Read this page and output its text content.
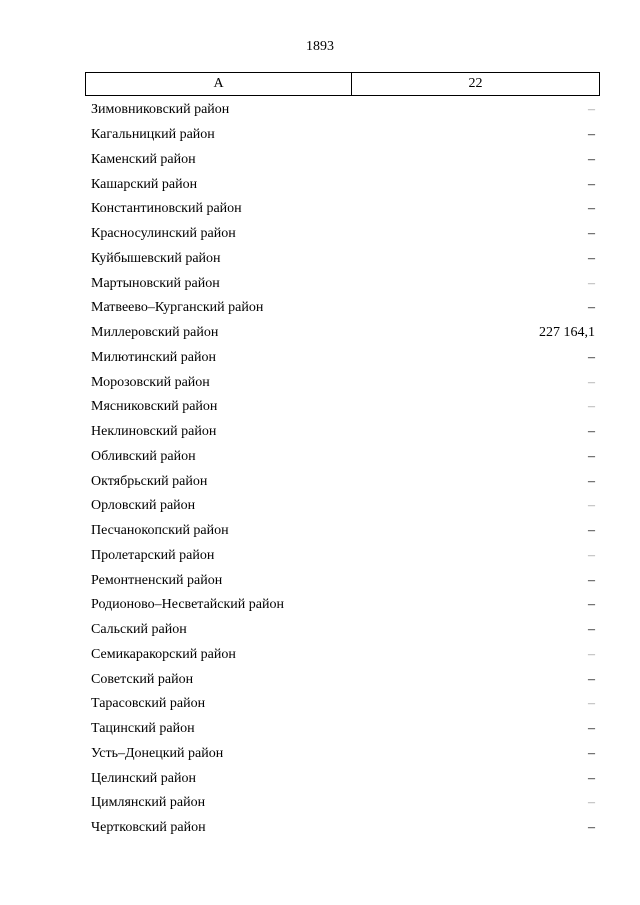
1893
А	22
Зимовниковский район	–
Кагальницкий район	–
Каменский район	–
Кашарский район	–
Константиновский район	–
Красносулинский район	–
Куйбышевский район	–
Мартыновский район	–
Матвеево–Курганский район	–
Миллеровский район	227 164,1
Милютинский район	–
Морозовский район	–
Мясниковский район	–
Неклиновский район	–
Обливский район	–
Октябрьский район	–
Орловский район	–
Песчанокопский район	–
Пролетарский район	–
Ремонтненский район	–
Родионово–Несветайский район	–
Сальский район	–
Семикаракорский район	–
Советский район	–
Тарасовский район	–
Тацинский район	–
Усть–Донецкий район	–
Целинский район	–
Цимлянский район	–
Чертковский район	–
